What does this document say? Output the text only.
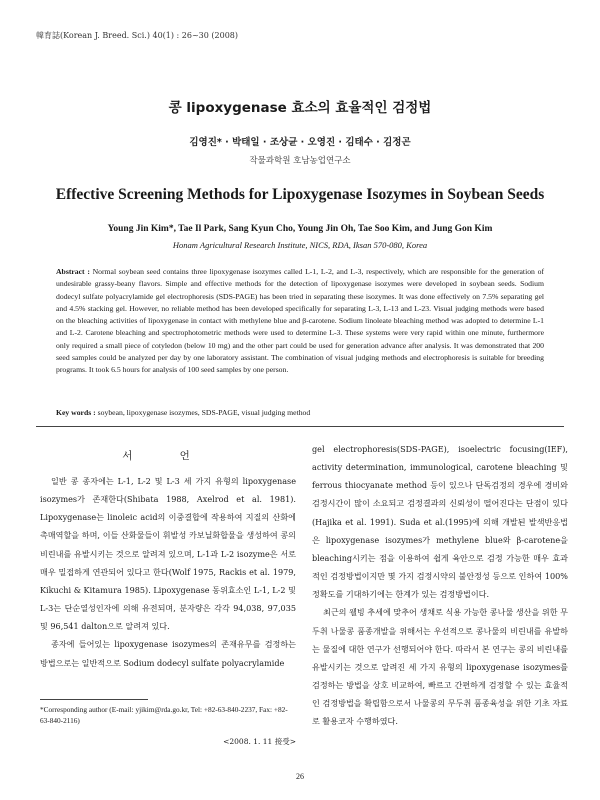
韓育誌(Korean J. Breed. Sci.) 40(1) : 26~30 (2008)
콩 lipoxygenase 효소의 효율적인 검정법
김영진* · 박태일 · 조상균 · 오영진 · 김태수 · 김정곤
작물과학원 호남농업연구소
Effective Screening Methods for Lipoxygenase Isozymes in Soybean Seeds
Young Jin Kim*, Tae Il Park, Sang Kyun Cho, Young Jin Oh, Tae Soo Kim, and Jung Gon Kim
Honam Agricultural Research Institute, NICS, RDA, Iksan 570-080, Korea
Abstract : Normal soybean seed contains three lipoxygenase isozymes called L-1, L-2, and L-3, respectively, which are responsible for the generation of undesirable grassy-beany flavors. Simple and effective methods for the detection of lipoxygenase isozymes were developed in soybean seeds. Sodium dodecyl sulfate polyacrylamide gel electrophoresis (SDS-PAGE) has been tried in separating these isozymes. It was done effectively on 7.5% separating gel and 4.5% stacking gel. However, no reliable method has been developed specifically for separating L-3, L-13 and L-23. Visual judging methods were based on the bleaching activities of lipoxygenase in contact with methylene blue and β-carotene. Sodium linoleate bleaching method was adopted to determine L-1 and L-2. Carotene bleaching and spectrophotometric methods were used to determine L-3. These systems were very rapid within one minute, furthermore only required a small piece of cotyledon (below 10 mg) and the other part could be used for generation advance after analysis. It was demonstrated that 200 seed samples could be analyzed per day by one laboratory assistant. The combination of visual judging methods and electrophoresis is suitable for breeding programs. It took 6.5 hours for analysis of 100 seed samples by one person.
Key words : soybean, lipoxygenase isozymes, SDS-PAGE, visual judging method
서 언

일반 콩 종자에는 L-1, L-2 및 L-3 세 가지 유형의 lipoxygenase isozymes가 존재한다(Shibata 1988, Axelrod et al. 1981). Lipoxygenase는 linoleic acid의 이중결합에 작용하여 지질의 산화에 촉매역할을 하며, 이들 산화물들이 휘발성 카보닐화합물을 생성하여 콩의 비린내를 유발시키는 것으로 알려져 있으며, L-1과 L-2 isozyme은 서로 매우 밀접하게 연관되어 있다고 한다(Wolf 1975, Rackis et al. 1979, Kikuchi & Kitamura 1985). Lipoxygenase 동위효소인 L-1, L-2 및 L-3는 단순열성인자에 의해 유전되며, 분자량은 각각 94,038, 97,035 및 96,541 dalton으로 알려져 있다.

종자에 들어있는 lipoxygenase isozymes의 존재유무를 검정하는 방법으로는 일반적으로 Sodium dodecyl sulfate polyacrylamide

gel electrophoresis(SDS-PAGE), isoelectric focusing(IEF), activity determination, immunological, carotene bleaching 및 ferrous thiocyanate method 등이 있으나 단독검정의 경우에 경비와 검정시간이 많이 소요되고 검정결과의 신뢰성이 떨어진다는 단점이 있다(Hajika et al. 1991). Suda et al.(1995)에 의해 개발된 발색반응법은 lipoxygenase isozymes가 methylene blue와 β-carotene을 bleaching시키는 점을 이용하여 쉽게 육안으로 검정 가능한 매우 효과적인 검정방법이지만 몇 가지 검정시약의 불안정성 등으로 인하여 100% 정확도를 기대하기에는 한계가 있는 검정방법이다.

최근의 웰빙 추세에 맞추어 생채로 식용 가능한 콩나물 생산을 위한 무두취 나물콩 품종개발을 위해서는 우선적으로 콩나물의 비린내를 유발하는 물질에 대한 연구가 선행되어야 한다. 따라서 본 연구는 콩의 비린내를 유발시키는 것으로 알려진 세 가지 유형의 lipoxygenase isozymes를 검정하는 방법을 상호 비교하여, 빠르고 간편하게 검정할 수 있는 효율적인 검정방법을 확립함으로서 나물콩의 무두취 품종육성을 위한 기초 자료로 활용코자 수행하였다.

*Corresponding author (E-mail: yjikim@rda.go.kr, Tel: +82-63-840-2237, Fax: +82-63-840-2116)
<2008. 1. 11 接受>
26
